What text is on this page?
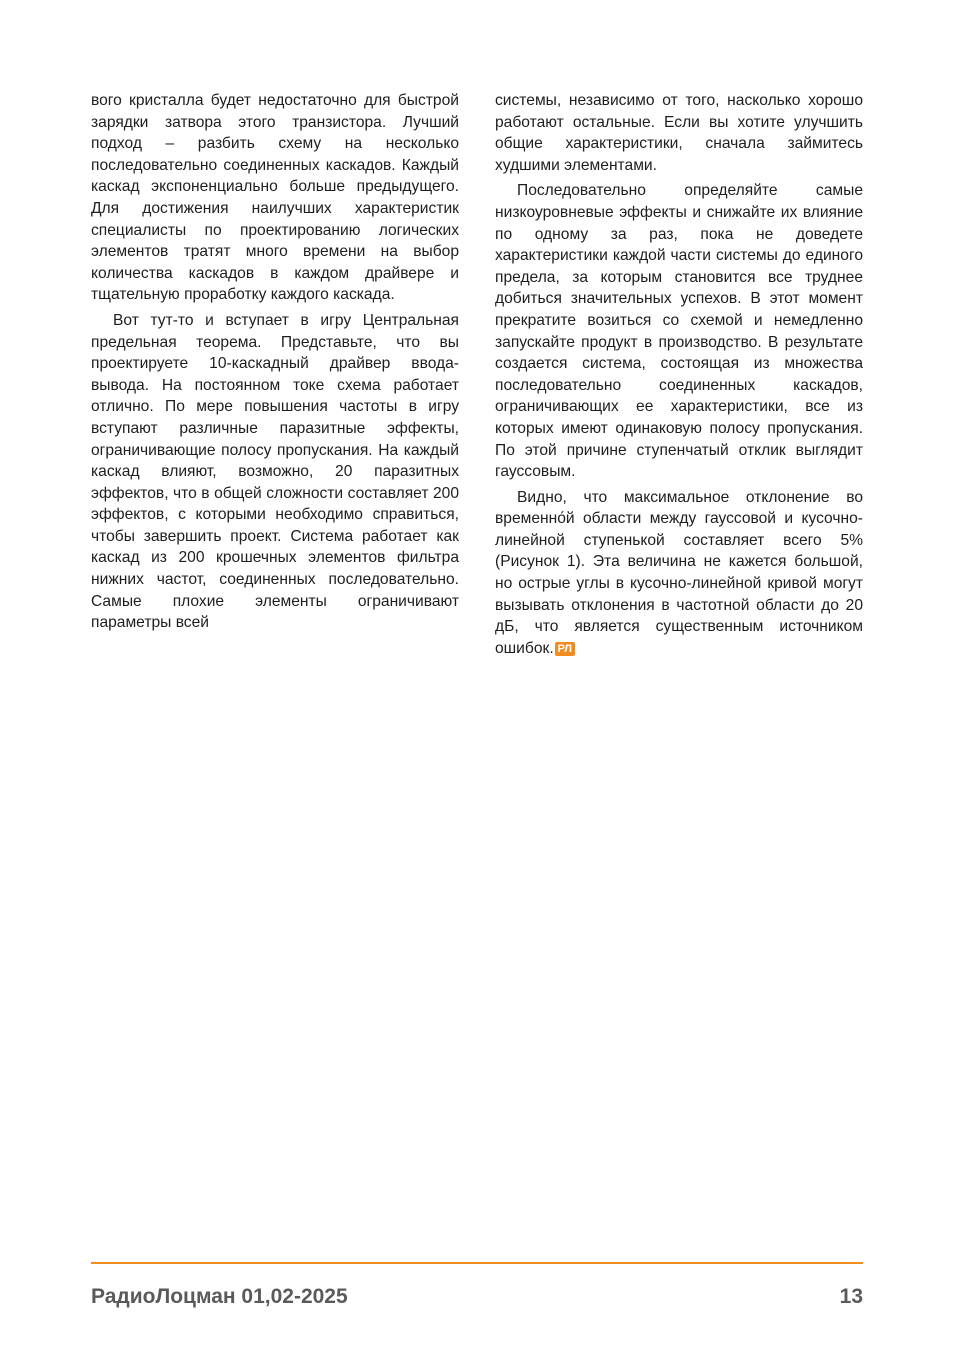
вого кристалла будет недостаточно для быстрой зарядки затвора этого транзистора. Лучший подход – разбить схему на несколько последовательно соединенных каскадов. Каждый каскад экспоненциально больше предыдущего. Для достижения наилучших характеристик специалисты по проектированию логических элементов тратят много времени на выбор количества каскадов в каждом драйвере и тщательную проработку каждого каскада.

Вот тут-то и вступает в игру Центральная предельная теорема. Представьте, что вы проектируете 10-каскадный драйвер ввода-вывода. На постоянном токе схема работает отлично. По мере повышения частоты в игру вступают различные паразитные эффекты, ограничивающие полосу пропускания. На каждый каскад влияют, возможно, 20 паразитных эффектов, что в общей сложности составляет 200 эффектов, с которыми необходимо справиться, чтобы завершить проект. Система работает как каскад из 200 крошечных элементов фильтра нижних частот, соединенных последовательно. Самые плохие элементы ограничивают параметры всей

системы, независимо от того, насколько хорошо работают остальные. Если вы хотите улучшить общие характеристики, сначала займитесь худшими элементами.

Последовательно определяйте самые низкоуровневые эффекты и снижайте их влияние по одному за раз, пока не доведете характеристики каждой части системы до единого предела, за которым становится все труднее добиться значительных успехов. В этот момент прекратите возиться со схемой и немедленно запускайте продукт в производство. В результате создается система, состоящая из множества последовательно соединенных каскадов, ограничивающих ее характеристики, все из которых имеют одинаковую полосу пропускания. По этой причине ступенчатый отклик выглядит гауссовым.

Видно, что максимальное отклонение во временно́й области между гауссовой и кусочно-линейной ступенькой составляет всего 5% (Рисунок 1). Эта величина не кажется большой, но острые углы в кусочно-линейной кривой могут вызывать отклонения в частотной области до 20 дБ, что является существенным источником ошибок. РЛ

РадиоЛоцман 01,02-2025	13
